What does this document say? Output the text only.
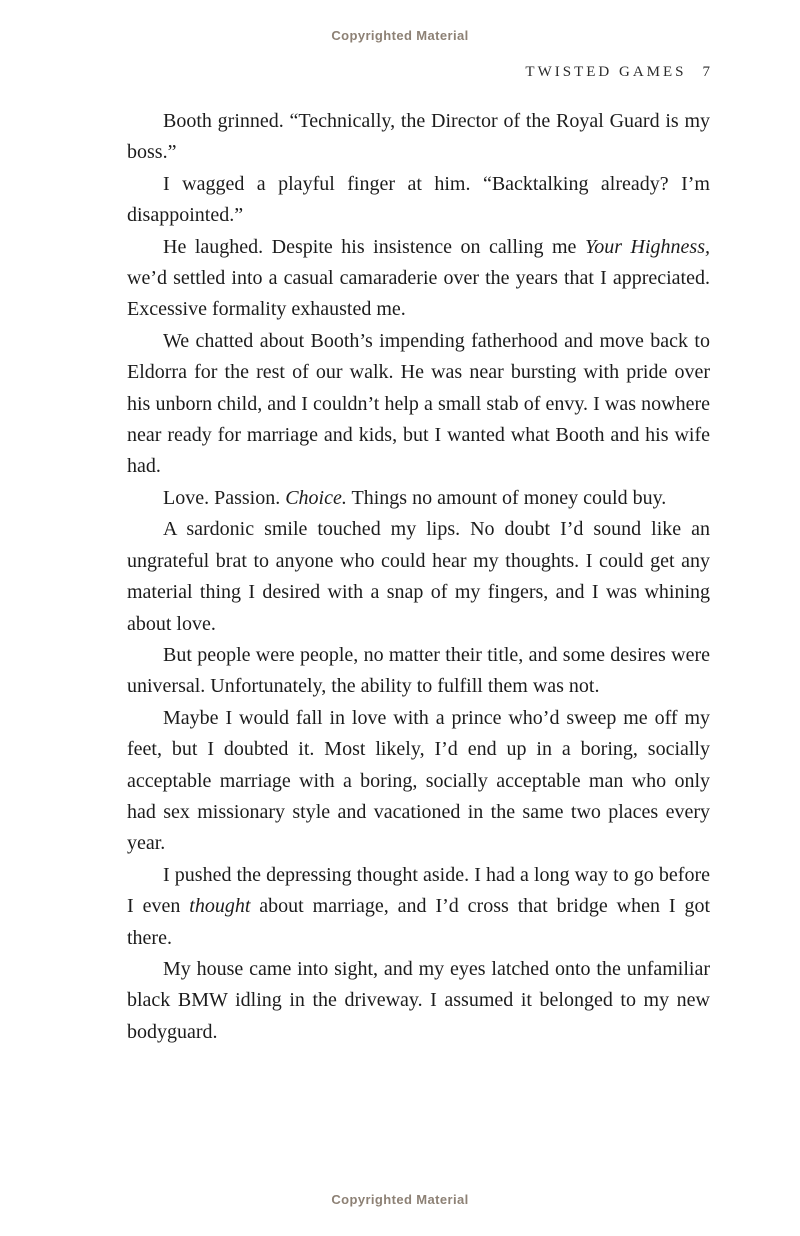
Copyrighted Material
TWISTED GAMES 7

Booth grinned. “Technically, the Director of the Royal Guard is my boss.”

I wagged a playful finger at him. “Backtalking already? I’m disappointed.”

He laughed. Despite his insistence on calling me Your Highness, we’d settled into a casual camaraderie over the years that I appreciated. Excessive formality exhausted me.

We chatted about Booth’s impending fatherhood and move back to Eldorra for the rest of our walk. He was near bursting with pride over his unborn child, and I couldn’t help a small stab of envy. I was nowhere near ready for marriage and kids, but I wanted what Booth and his wife had.

Love. Passion. Choice. Things no amount of money could buy.

A sardonic smile touched my lips. No doubt I’d sound like an ungrateful brat to anyone who could hear my thoughts. I could get any material thing I desired with a snap of my fingers, and I was whining about love.

But people were people, no matter their title, and some desires were universal. Unfortunately, the ability to fulfill them was not.

Maybe I would fall in love with a prince who’d sweep me off my feet, but I doubted it. Most likely, I’d end up in a boring, socially acceptable marriage with a boring, socially acceptable man who only had sex missionary style and vacationed in the same two places every year.

I pushed the depressing thought aside. I had a long way to go before I even thought about marriage, and I’d cross that bridge when I got there.

My house came into sight, and my eyes latched onto the unfamiliar black BMW idling in the driveway. I assumed it belonged to my new bodyguard.

Copyrighted Material
